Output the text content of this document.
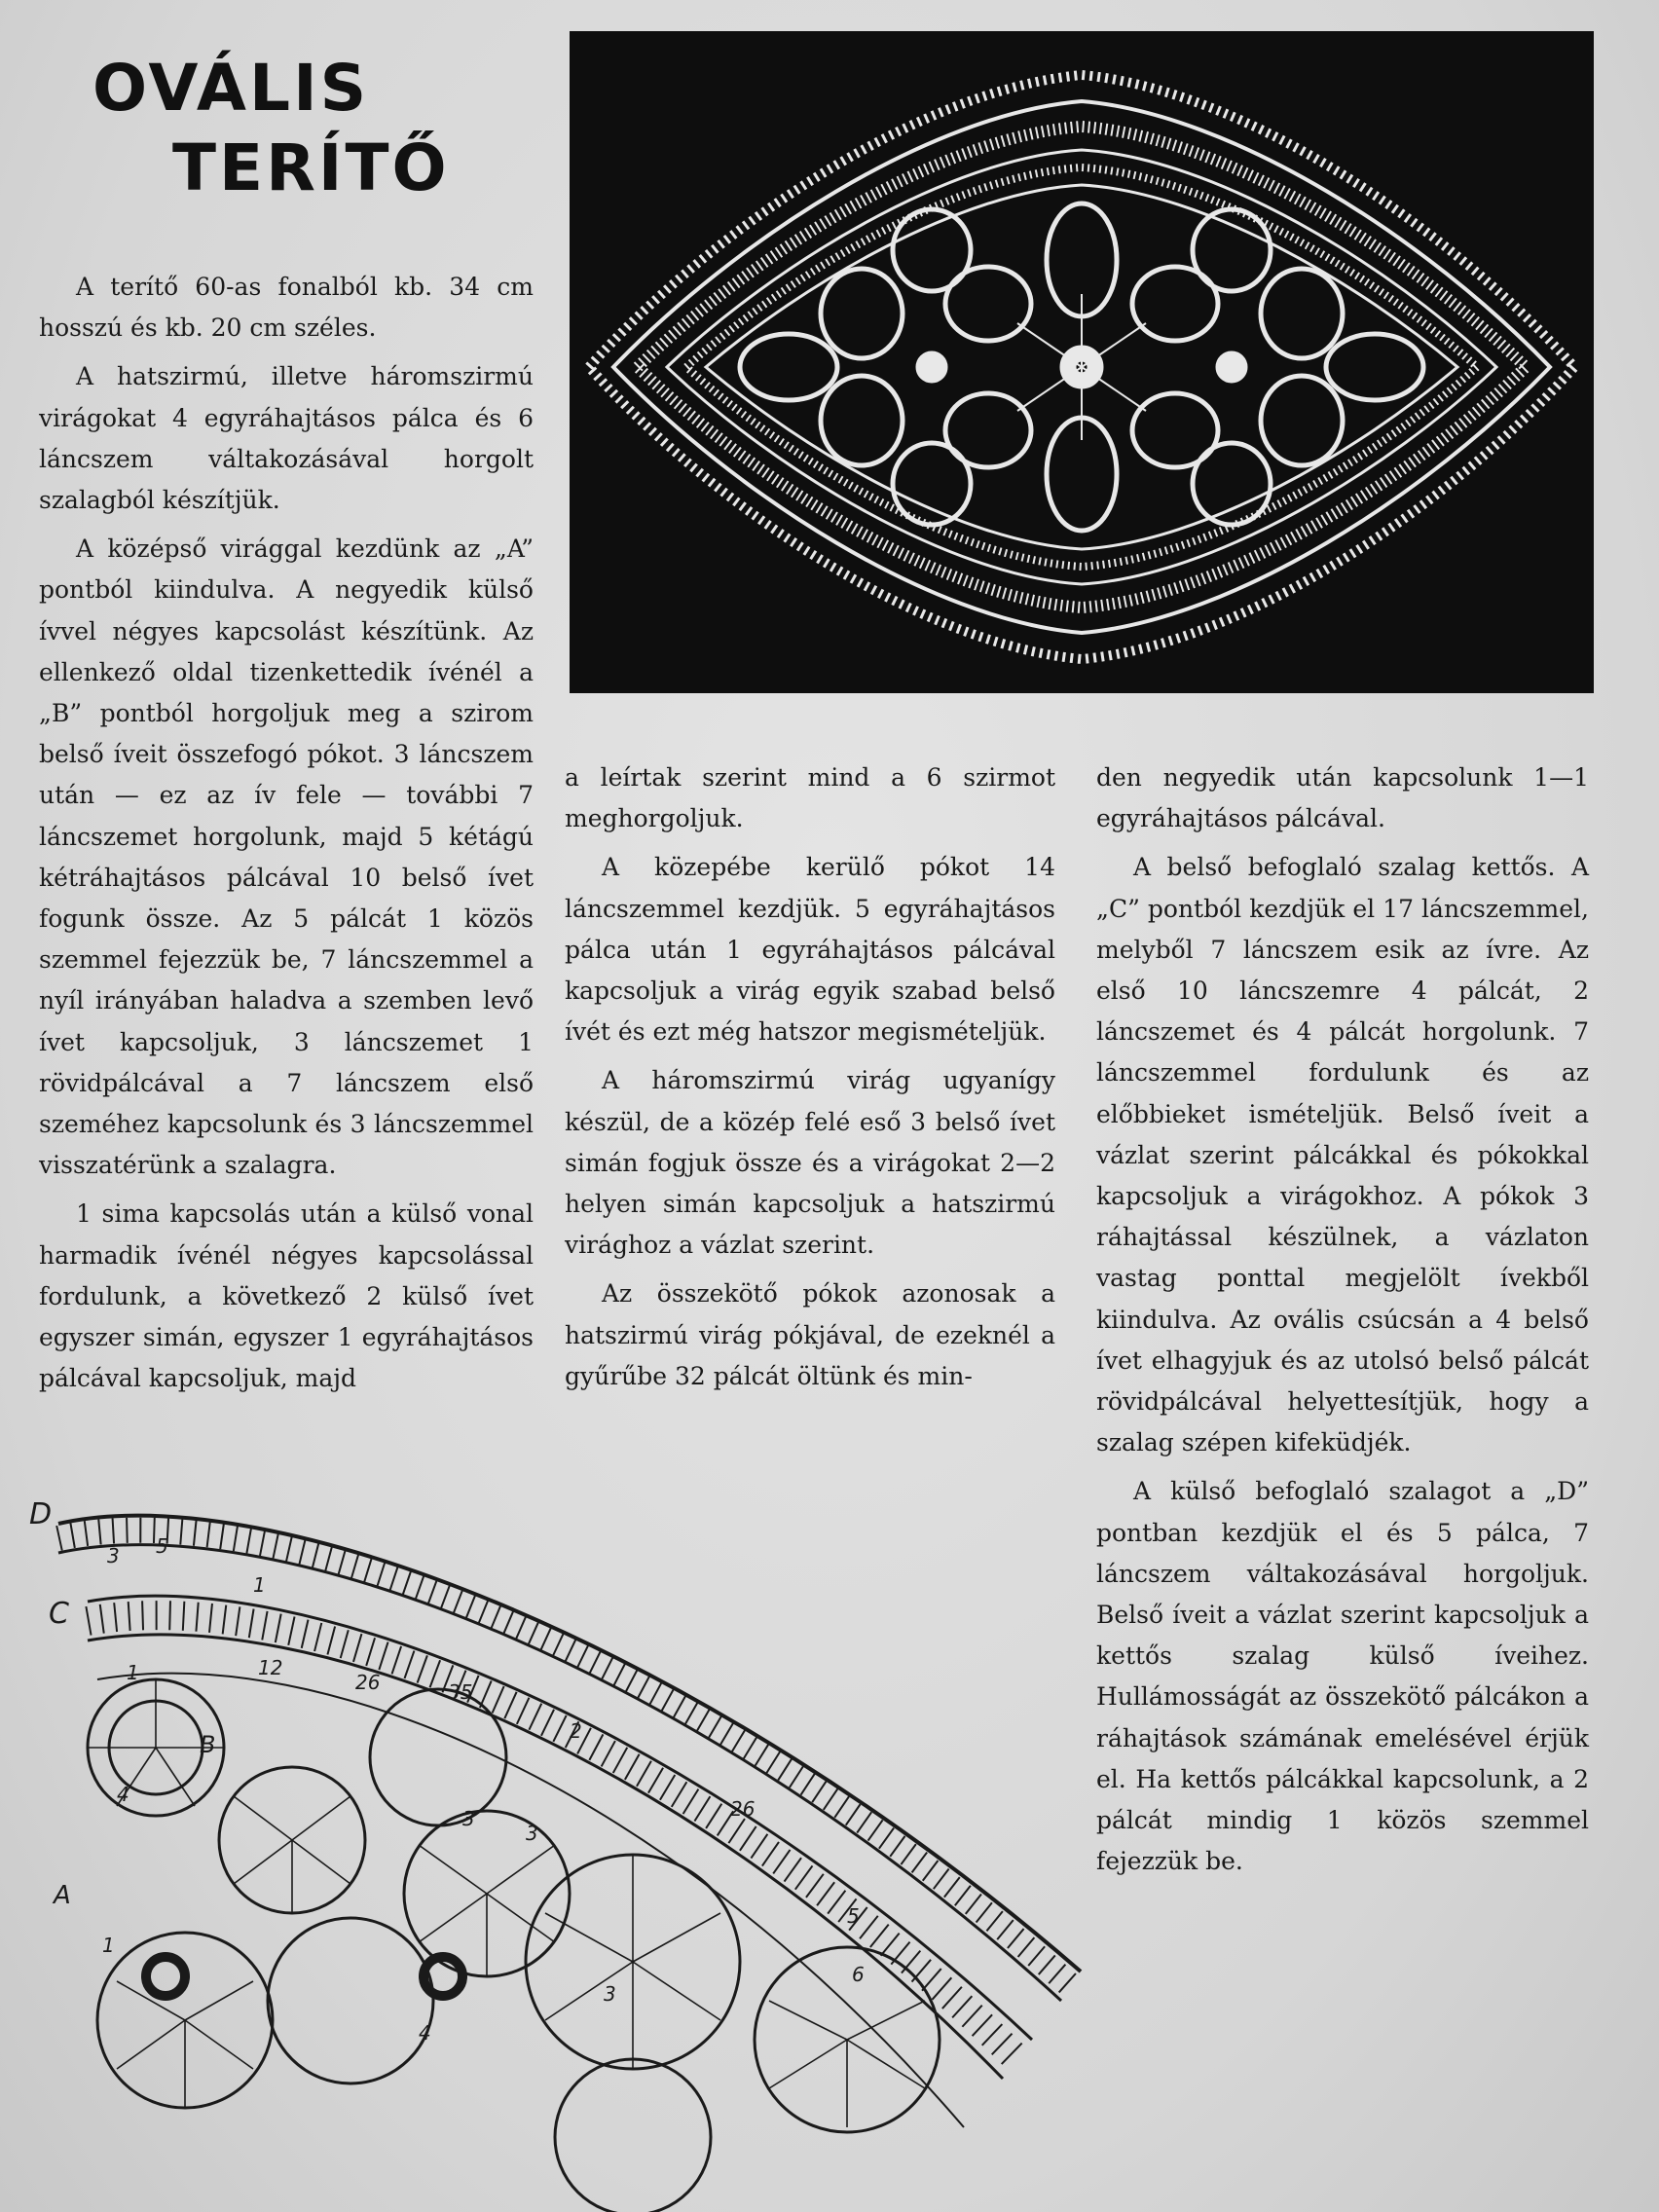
OVÁLIS
TERÍTŐ

A terítő 60-as fonalból kb. 34 cm hosszú és kb. 20 cm széles.

A hatszirmú, illetve háromszirmú virágokat 4 egyráhajtásos pálca és 6 láncszem váltakozásával horgolt szalagból készítjük.

A középső virággal kezdünk az „A” pontból kiindulva. A negyedik külső ívvel négyes kapcsolást készítünk. Az ellenkező oldal tizenkettedik ívénél a „B” pontból horgoljuk meg a szirom belső íveit összefogó pókot. 3 láncszem után — ez az ív fele — további 7 láncszemet horgolunk, majd 5 kétágú kétráhajtásos pálcával 10 belső ívet fogunk össze. Az 5 pálcát 1 közös szemmel fejezzük be, 7 láncszemmel a nyíl irányában haladva a szemben levő ívet kapcsoljuk, 3 láncszemet 1 rövidpálcával a 7 láncszem első szeméhez kapcsolunk és 3 láncszemmel visszatérünk a szalagra.

1 sima kapcsolás után a külső vonal harmadik ívénél négyes kapcsolással fordulunk, a következő 2 külső ívet egyszer simán, egyszer 1 egyráhajtásos pálcával kapcsoljuk, majd

a leírtak szerint mind a 6 szirmot meghorgoljuk.

A közepébe kerülő pókot 14 láncszemmel kezdjük. 5 egyráhajtásos pálca után 1 egyráhajtásos pálcával kapcsoljuk a virág egyik szabad belső ívét és ezt még hatszor megismételjük.

A háromszirmú virág ugyanígy készül, de a közép felé eső 3 belső ívet simán fogjuk össze és a virágokat 2—2 helyen simán kapcsoljuk a hatszirmú virághoz a vázlat szerint.

Az összekötő pókok azonosak a hatszirmú virág pókjával, de ezeknél a gyűrűbe 32 pálcát öltünk és min-

den negyedik után kapcsolunk 1—1 egyráhajtásos pálcával.

A belső befoglaló szalag kettős. A „C” pontból kezdjük el 17 láncszemmel, melyből 7 láncszem esik az ívre. Az első 10 láncszemre 4 pálcát, 2 láncszemet és 4 pálcát horgolunk. 7 láncszemmel fordulunk és az előbbieket ismételjük. Belső íveit a vázlat szerint pálcákkal és pókokkal kapcsoljuk a virágokhoz. A pókok 3 ráhajtással készülnek, a vázlaton vastag ponttal megjelölt ívekből kiindulva. Az ovális csúcsán a 4 belső ívet elhagyjuk és az utolsó belső pálcát rövidpálcával helyettesítjük, hogy a szalag szépen kifeküdjék.

A külső befoglaló szalagot a „D” pontban kezdjük el és 5 pálca, 7 láncszem váltakozásával horgoljuk. Belső íveit a vázlat szerint kapcsoljuk a kettős szalag külső íveihez. Hullámosságát az összekötő pálcákon a ráhajtások számának emelésével érjük el. Ha kettős pálcákkal kapcsolunk, a 2 pálcát mindig 1 közös szemmel fejezzük be.

D
C
B
A
3 5
1
1	12
26	35
2
3
26
4
1
3
5
6
3
4
